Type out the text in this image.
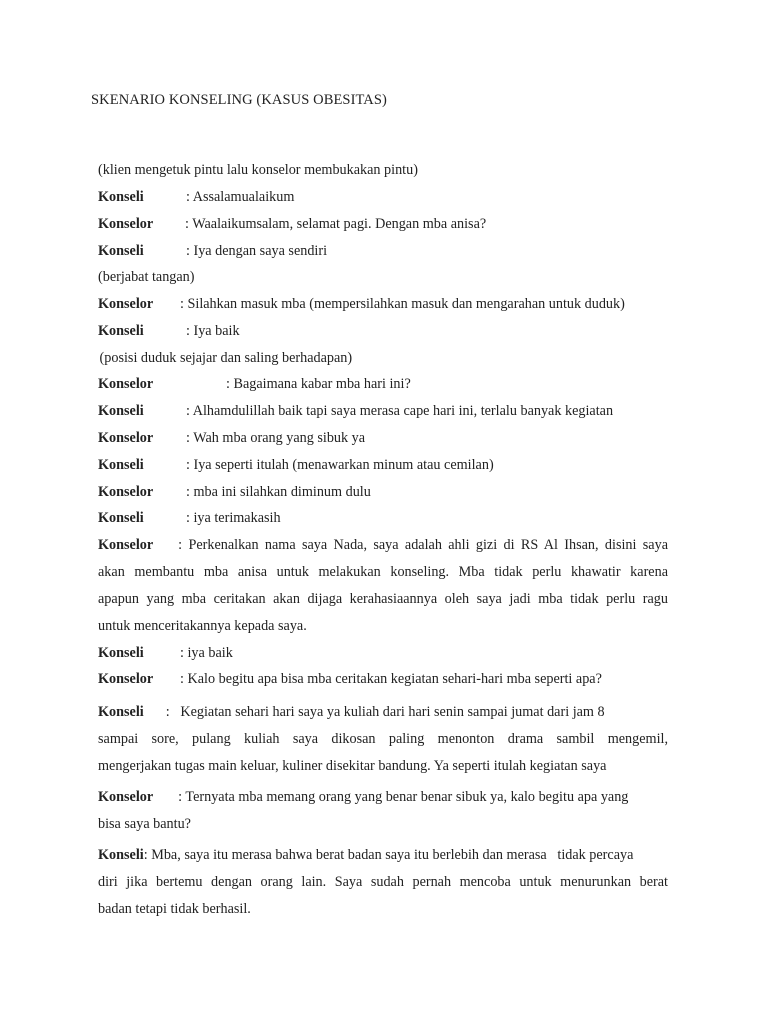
SKENARIO KONSELING (KASUS OBESITAS)
(klien mengetuk pintu lalu konselor membukakan pintu)
Konseli	: Assalamualaikum
Konselor : Waalaikumsalam, selamat pagi. Dengan mba anisa?
Konseli	: Iya dengan saya sendiri
(berjabat tangan)
Konselor : Silahkan masuk mba (mempersilahkan masuk dan mengarahan untuk duduk)
Konseli	: Iya baik
(posisi duduk sejajar dan saling berhadapan)
Konselor	: Bagaimana kabar mba hari ini?
Konseli	: Alhamdulillah baik tapi saya merasa cape hari ini, terlalu banyak kegiatan
Konselor : Wah mba orang yang sibuk ya
Konseli	: Iya seperti itulah (menawarkan minum atau cemilan)
Konselor : mba ini silahkan diminum dulu
Konseli	: iya terimakasih
Konselor : Perkenalkan nama saya Nada, saya adalah ahli gizi di RS Al Ihsan, disini saya
akan membantu mba anisa untuk melakukan konseling. Mba tidak perlu khawatir karena
apapun yang mba ceritakan akan dijaga kerahasiaannya oleh saya jadi mba tidak perlu ragu
untuk menceritakannya kepada saya.
Konseli	: iya baik
Konselor : Kalo begitu apa bisa mba ceritakan kegiatan sehari-hari mba seperti apa?
Konseli :   Kegiatan sehari hari saya ya kuliah dari hari senin sampai jumat dari jam 8
sampai sore, pulang kuliah saya dikosan paling menonton drama sambil mengemil,
mengerjakan tugas main keluar, kuliner disekitar bandung. Ya seperti itulah kegiatan saya
Konselor : Ternyata mba memang orang yang benar benar sibuk ya, kalo begitu apa yang
bisa saya bantu?
Konseli: Mba, saya itu merasa bahwa berat badan saya itu berlebih dan merasa   tidak percaya
diri jika bertemu dengan orang lain. Saya sudah pernah mencoba untuk menurunkan berat
badan tetapi tidak berhasil.
